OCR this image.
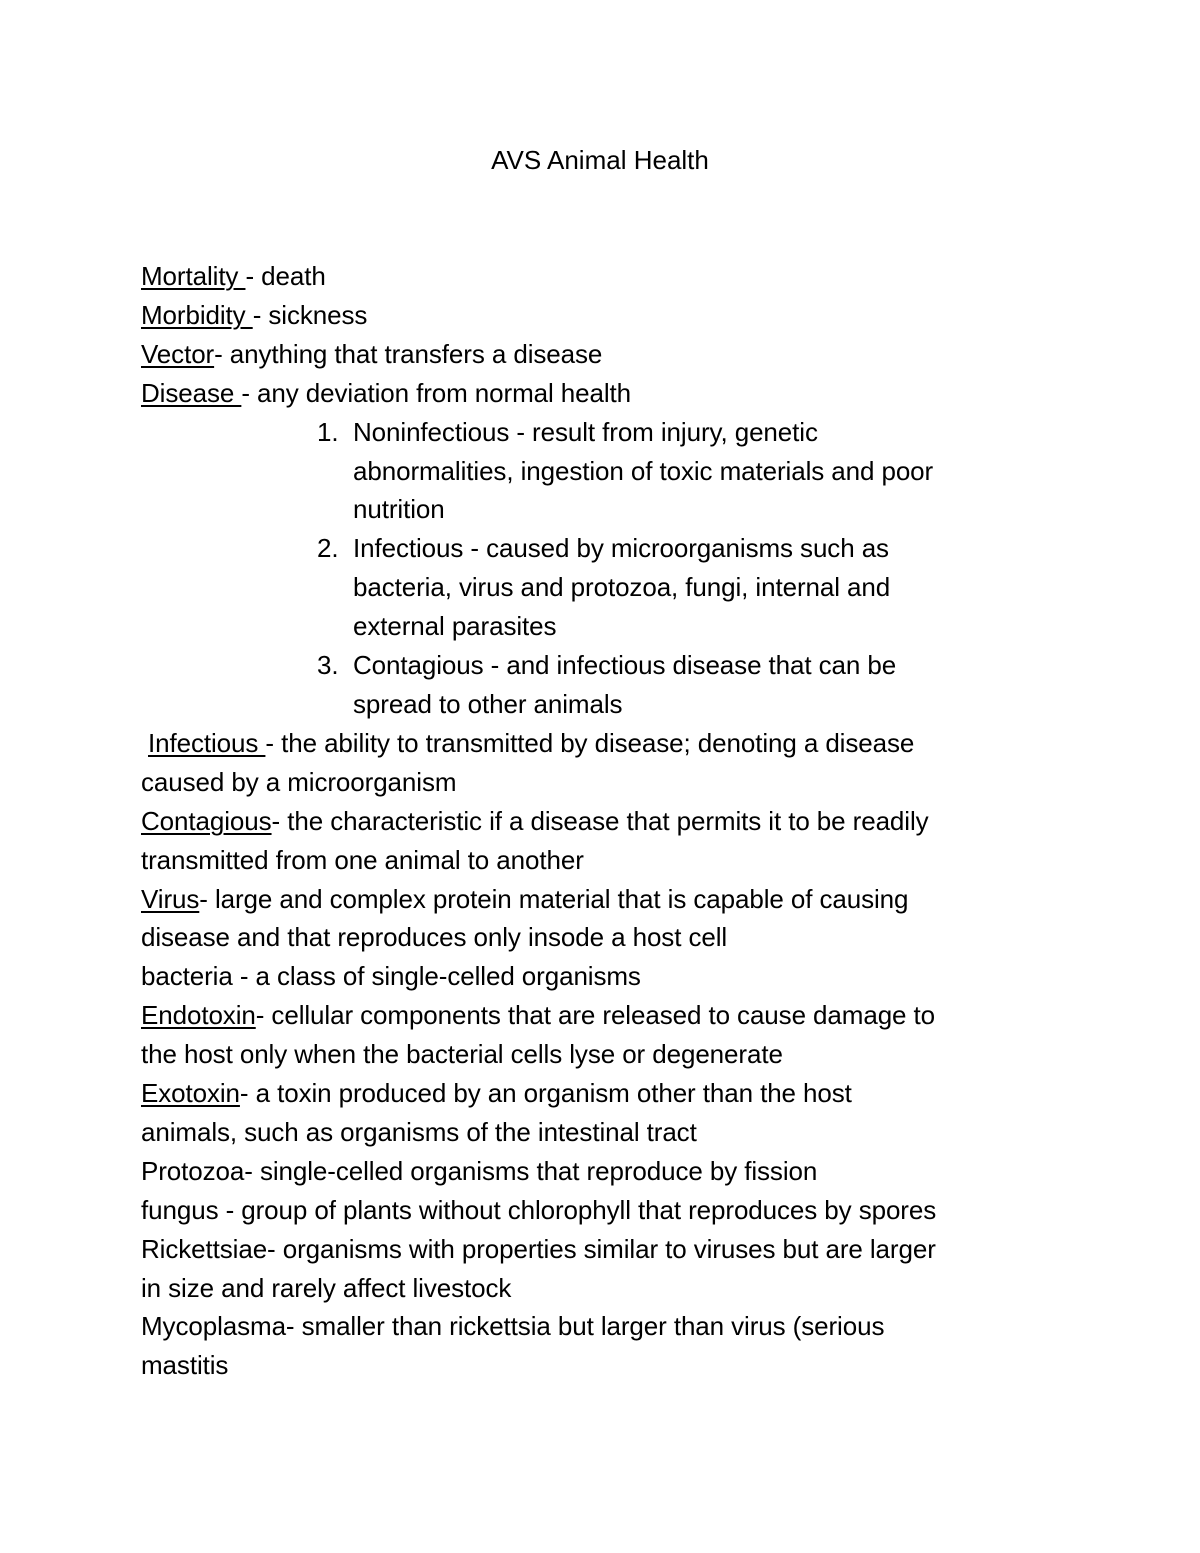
AVS Animal Health
Mortality - death
Morbidity - sickness
Vector- anything that transfers a disease
Disease - any deviation from normal health
1. Noninfectious - result from injury, genetic
abnormalities, ingestion of toxic materials and poor
nutrition
2. Infectious - caused by microorganisms such as
bacteria, virus and protozoa, fungi, internal and
external parasites
3. Contagious - and infectious disease that can be
spread to other animals
Infectious - the ability to transmitted by disease; denoting a disease
caused by a microorganism
Contagious- the characteristic if a disease that permits it to be readily
transmitted from one animal to another
Virus- large and complex protein material that is capable of causing
disease and that reproduces only insode a host cell
bacteria - a class of single-celled organisms
Endotoxin- cellular components that are released to cause damage to
the host only when the bacterial cells lyse or degenerate
Exotoxin- a toxin produced by an organism other than the host
animals, such as organisms of the intestinal tract
Protozoa- single-celled organisms that reproduce by fission
fungus - group of plants without chlorophyll that reproduces by spores
Rickettsiae- organisms with properties similar to viruses but are larger
in size and rarely affect livestock
Mycoplasma- smaller than rickettsia but larger than virus (serious
mastitis
